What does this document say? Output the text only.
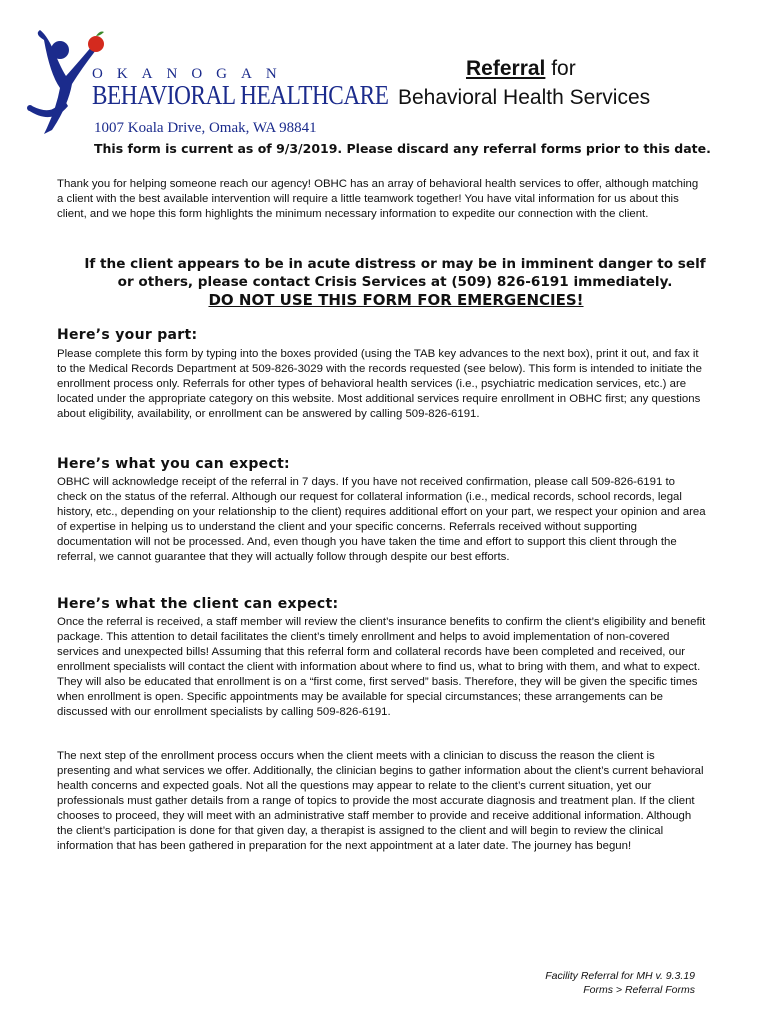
OKANOGAN
BEHAVIORAL HEALTHCARE
1007 Koala Drive, Omak, WA 98841
Referral for
Behavioral Health Services
This form is current as of 9/3/2019. Please discard any referral forms prior to this date.

Thank you for helping someone reach our agency! OBHC has an array of behavioral health services to offer, although matching a client with the best available intervention will require a little teamwork together! You have vital information for us about this client, and we hope this form highlights the minimum necessary information to expedite our connection with the client.

If the client appears to be in acute distress or may be in imminent danger to self
or others, please contact Crisis Services at (509) 826-6191 immediately.
DO NOT USE THIS FORM FOR EMERGENCIES!
Here’s your part:

Please complete this form by typing into the boxes provided (using the TAB key advances to the next box), print it out, and fax it to the Medical Records Department at 509-826-3029 with the records requested (see below). This form is intended to initiate the enrollment process only. Referrals for other types of behavioral health services (i.e., psychiatric medication services, etc.) are located under the appropriate category on this website. Most additional services require enrollment in OBHC first; any questions about eligibility, availability, or enrollment can be answered by calling 509-826-6191.

Here’s what you can expect:

OBHC will acknowledge receipt of the referral in 7 days. If you have not received confirmation, please call 509-826-6191 to check on the status of the referral. Although our request for collateral information (i.e., medical records, school records, legal history, etc., depending on your relationship to the client) requires additional effort on your part, we respect your opinion and area of expertise in helping us to understand the client and your specific concerns. Referrals received without supporting documentation will not be processed. And, even though you have taken the time and effort to support this client through the referral, we cannot guarantee that they will actually follow through despite our best efforts.

Here’s what the client can expect:

Once the referral is received, a staff member will review the client’s insurance benefits to confirm the client’s eligibility and benefit package. This attention to detail facilitates the client’s timely enrollment and helps to avoid implementation of non-covered services and unexpected bills! Assuming that this referral form and collateral records have been completed and received, our enrollment specialists will contact the client with information about where to find us, what to bring with them, and what to expect. They will also be educated that enrollment is on a “first come, first served” basis. Therefore, they will be given the specific times when enrollment is open. Specific appointments may be available for special circumstances; these arrangements can be discussed with our enrollment specialists by calling 509-826-6191.

The next step of the enrollment process occurs when the client meets with a clinician to discuss the reason the client is presenting and what services we offer. Additionally, the clinician begins to gather information about the client’s current behavioral health concerns and expected goals. Not all the questions may appear to relate to the client’s current situation, yet our professionals must gather details from a range of topics to provide the most accurate diagnosis and treatment plan. If the client chooses to proceed, they will meet with an administrative staff member to provide and receive additional information. Although the client’s participation is done for that given day, a therapist is assigned to the client and will begin to review the clinical information that has been gathered in preparation for the next appointment at a later date. The journey has begun!

Facility Referral for MH v. 9.3.19
Forms > Referral Forms
